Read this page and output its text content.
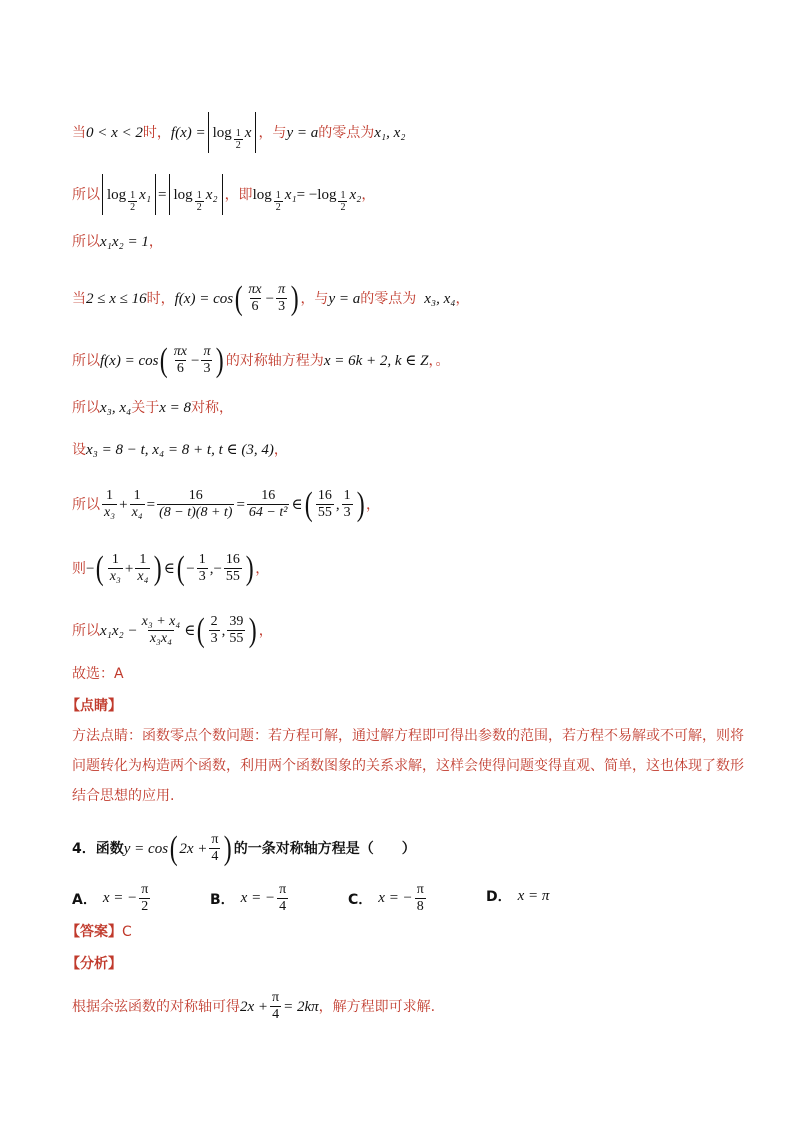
当 0 < x < 2 时， $f(x) = \log \frac{1}{2}$ x ，与 y = a 的零点为 x₁, x₂
所以 $\log \frac{1}{2} x_1 = \log \frac{1}{2} x_2$ ，即 $\log \frac{1}{2} x_1$ = − $\log \frac{1}{2} x_2$ ，
所以 x₁x₂ = 1 ，
当 2 ≤ x ≤ 16 时， f(x) = cos ( $\frac{\pi x}{6} - \frac{\pi}{3}$ ) ，与 y = a 的零点为 x₃, x₄ ，
所以 f(x) = cos ( $\frac{\pi x}{6} - \frac{\pi}{3}$ ) 的对称轴方程为 x = 6k + 2, k ∈ Z ，。
所以 x₃, x₄ 关于 x = 8 对称，
设 x₃ = 8 − t, x₄ = 8 + t, t ∈ (3, 4) ，
所以 $\frac{1}{\text{x₃}} + \frac{1}{\text{x₄}} = \frac{16}{(8 - t)(8 + t)} = \frac{16}{\text{64 − t²}}$ ∈ ( $\frac{16}{55}$ , $\frac{1}{3}$ ) ，
则 − ( $\frac{1}{\text{x₃}} + \frac{1}{\text{x₄}}$ ) ∈ ( − $\frac{1}{3}$ , − $\frac{16}{55}$ ) ，
所以 $x_1x_2 - \frac{\text{x₃ + x₄}}{\text{x₃x₄}}$ ∈ ( $\frac{2}{3}$ , $\frac{39}{55}$ ) ，
故选：A
【点睛】
方法点睛：函数零点个数问题：若方程可解，通过解方程即可得出参数的范围，若方程不易解或不可解，则将问题转化为构造两个函数，利用两个函数图象的关系求解，这样会使得问题变得直观、简单，这也体现了数形结合思想的应用.
4． 函数 y = cos ( $2x + \frac{\pi}{4}$ ) 的一条对称轴方程是（　　）
A． x = − $\frac{\pi}{2}$	B． x = − $\frac{\pi}{4}$	C． x = − $\frac{\pi}{8}$	D． x = π
【答案】 C
【分析】
根据余弦函数的对称轴可得 $2x + \frac{\pi}{4} = 2k\pi$ ，解方程即可求解.
